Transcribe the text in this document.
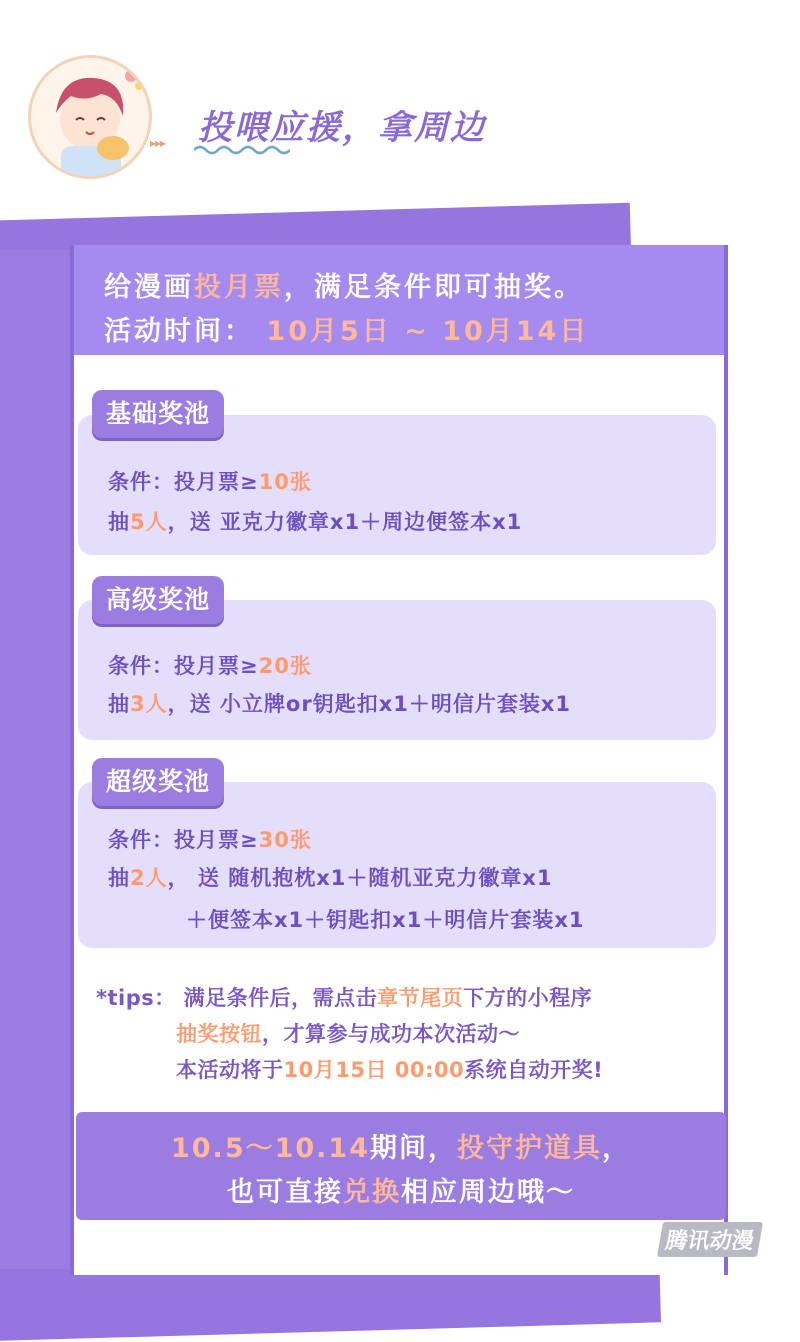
▸▸▸ 投喂应援，拿周边
给漫画投月票，满足条件即可抽奖。
活动时间： 10月5日 ~ 10月14日
基础奖池
条件：投月票≥10张
抽5人，送 亚克力徽章x1＋周边便签本x1
高级奖池
条件：投月票≥20张
抽3人，送 小立牌or钥匙扣x1＋明信片套装x1
超级奖池
条件：投月票≥30张
抽2人， 送 随机抱枕x1＋随机亚克力徽章x1
＋便签本x1＋钥匙扣x1＋明信片套装x1
*tips： 满足条件后，需点击章节尾页下方的小程序
抽奖按钮，才算参与成功本次活动～
本活动将于10月15日 00:00系统自动开奖!
10.5～10.14期间，投守护道具，
也可直接兑换相应周边哦～
腾讯动漫
